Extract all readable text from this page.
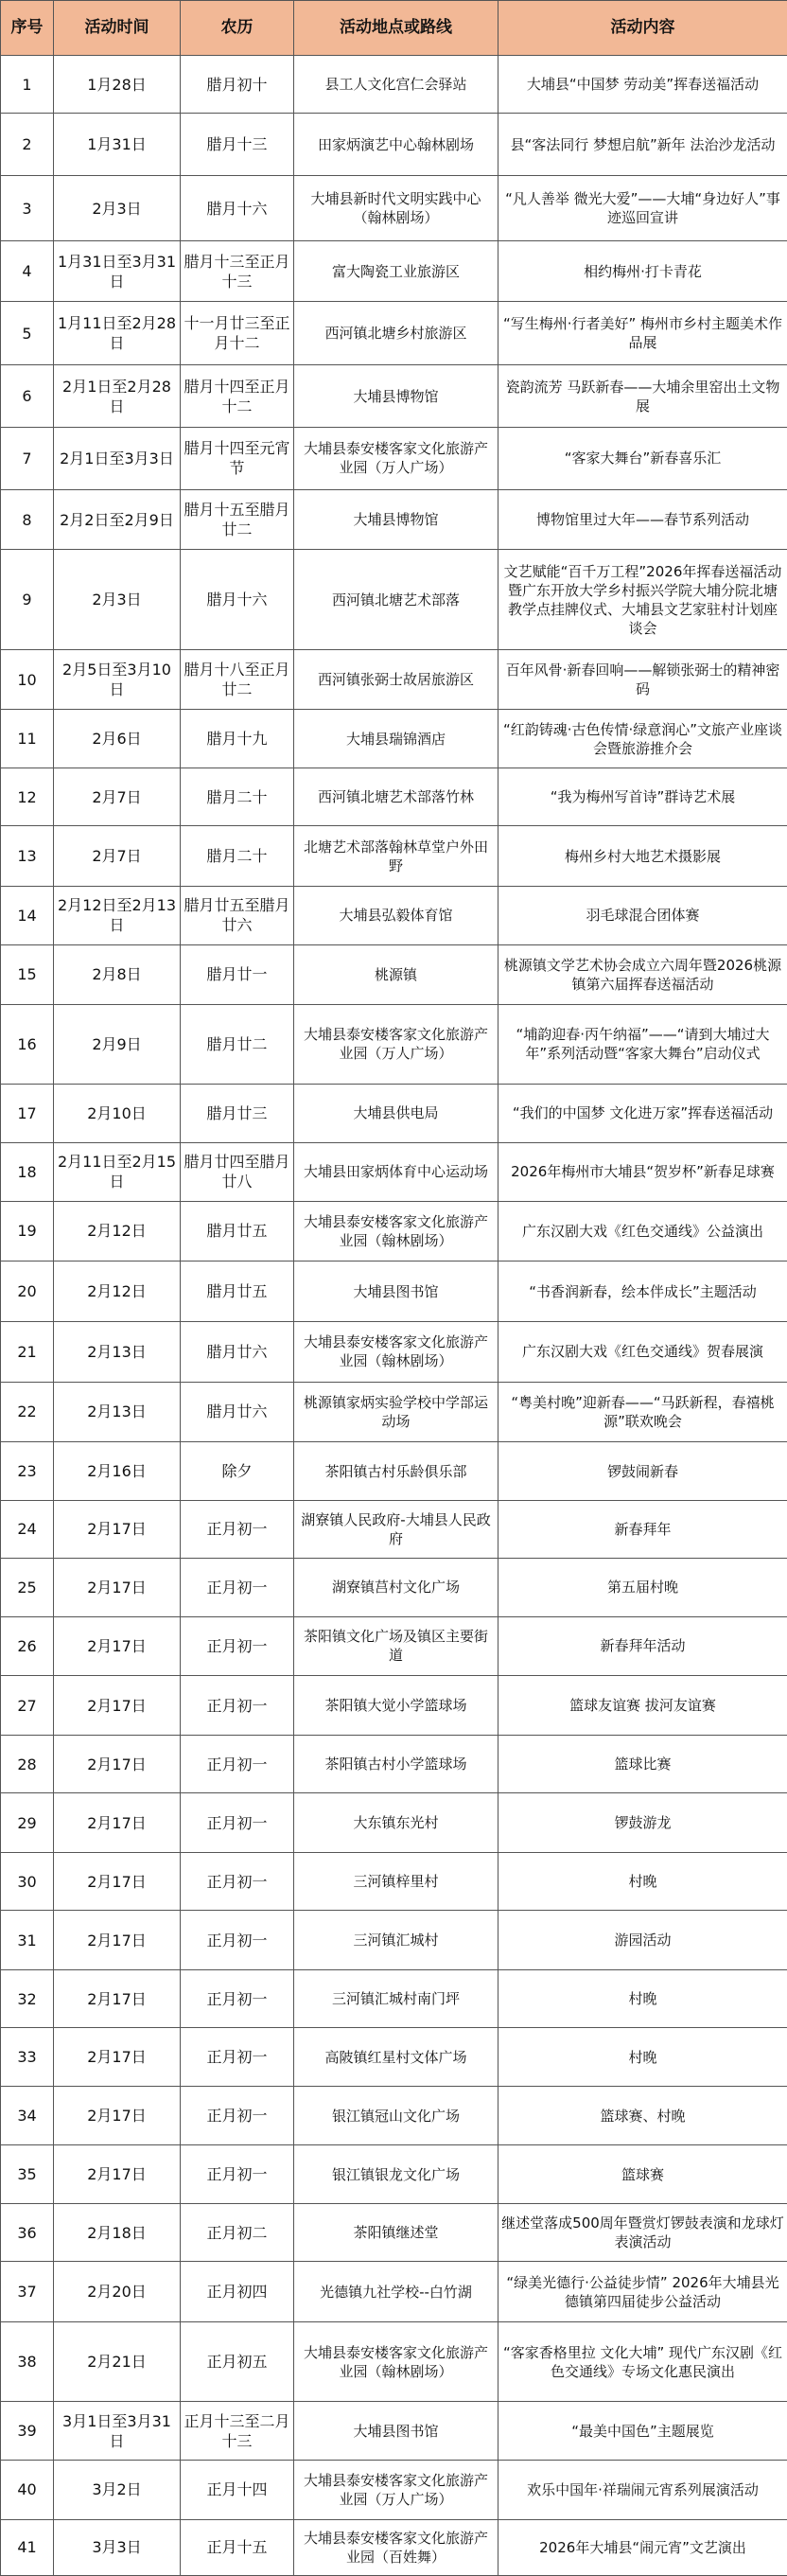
序号	活动时间	农历	活动地点或路线	活动内容
1	1月28日	腊月初十	县工人文化宫仁会驿站	大埔县“中国梦 劳动美”挥春送福活动
2	1月31日	腊月十三	田家炳演艺中心翰林剧场	县“客法同行 梦想启航”新年 法治沙龙活动
3	2月3日	腊月十六	大埔县新时代文明实践中心（翰林剧场）	“凡人善举 微光大爱”——大埔“身边好人”事迹巡回宣讲
4	1月31日至3月31日	腊月十三至正月十三	富大陶瓷工业旅游区	相约梅州·打卡青花
5	1月11日至2月28日	十一月廿三至正月十二	西河镇北塘乡村旅游区	“写生梅州·行者美好” 梅州市乡村主题美术作品展
6	2月1日至2月28日	腊月十四至正月十二	大埔县博物馆	瓷韵流芳 马跃新春——大埔余里窑出土文物展
7	2月1日至3月3日	腊月十四至元宵节	大埔县泰安楼客家文化旅游产业园（万人广场）	“客家大舞台”新春喜乐汇
8	2月2日至2月9日	腊月十五至腊月廿二	大埔县博物馆	博物馆里过大年——春节系列活动
9	2月3日	腊月十六	西河镇北塘艺术部落	文艺赋能“百千万工程”2026年挥春送福活动暨广东开放大学乡村振兴学院大埔分院北塘教学点挂牌仪式、大埔县文艺家驻村计划座谈会
10	2月5日至3月10日	腊月十八至正月廿二	西河镇张弼士故居旅游区	百年风骨·新春回响——解锁张弼士的精神密码
11	2月6日	腊月十九	大埔县瑞锦酒店	“红韵铸魂·古色传情·绿意润心”文旅产业座谈会暨旅游推介会
12	2月7日	腊月二十	西河镇北塘艺术部落竹林	“我为梅州写首诗”群诗艺术展
13	2月7日	腊月二十	北塘艺术部落翰林草堂户外田野	梅州乡村大地艺术摄影展
14	2月12日至2月13日	腊月廿五至腊月廿六	大埔县弘毅体育馆	羽毛球混合团体赛
15	2月8日	腊月廿一	桃源镇	桃源镇文学艺术协会成立六周年暨2026桃源镇第六届挥春送福活动
16	2月9日	腊月廿二	大埔县泰安楼客家文化旅游产业园（万人广场）	“埔韵迎春·丙午纳福”——“请到大埔过大年”系列活动暨“客家大舞台”启动仪式
17	2月10日	腊月廿三	大埔县供电局	“我们的中国梦 文化进万家”挥春送福活动
18	2月11日至2月15日	腊月廿四至腊月廿八	大埔县田家炳体育中心运动场	2026年梅州市大埔县“贺岁杯”新春足球赛
19	2月12日	腊月廿五	大埔县泰安楼客家文化旅游产业园（翰林剧场）	广东汉剧大戏《红色交通线》公益演出
20	2月12日	腊月廿五	大埔县图书馆	“书香润新春，绘本伴成长”主题活动
21	2月13日	腊月廿六	大埔县泰安楼客家文化旅游产业园（翰林剧场）	广东汉剧大戏《红色交通线》贺春展演
22	2月13日	腊月廿六	桃源镇家炳实验学校中学部运动场	“粤美村晚”迎新春——“马跃新程，春禧桃源”联欢晚会
23	2月16日	除夕	茶阳镇古村乐龄俱乐部	锣鼓闹新春
24	2月17日	正月初一	湖寮镇人民政府-大埔县人民政府	新春拜年
25	2月17日	正月初一	湖寮镇莒村文化广场	第五届村晚
26	2月17日	正月初一	茶阳镇文化广场及镇区主要街道	新春拜年活动
27	2月17日	正月初一	茶阳镇大觉小学篮球场	篮球友谊赛 拔河友谊赛
28	2月17日	正月初一	茶阳镇古村小学篮球场	篮球比赛
29	2月17日	正月初一	大东镇东光村	锣鼓游龙
30	2月17日	正月初一	三河镇梓里村	村晚
31	2月17日	正月初一	三河镇汇城村	游园活动
32	2月17日	正月初一	三河镇汇城村南门坪	村晚
33	2月17日	正月初一	高陂镇红星村文体广场	村晚
34	2月17日	正月初一	银江镇冠山文化广场	篮球赛、村晚
35	2月17日	正月初一	银江镇银龙文化广场	篮球赛
36	2月18日	正月初二	茶阳镇继述堂	继述堂落成500周年暨赏灯锣鼓表演和龙球灯表演活动
37	2月20日	正月初四	光德镇九社学校--白竹湖	“绿美光德行·公益徒步情” 2026年大埔县光德镇第四届徒步公益活动
38	2月21日	正月初五	大埔县泰安楼客家文化旅游产业园（翰林剧场）	“客家香格里拉 文化大埔” 现代广东汉剧《红色交通线》专场文化惠民演出
39	3月1日至3月31日	正月十三至二月十三	大埔县图书馆	“最美中国色”主题展览
40	3月2日	正月十四	大埔县泰安楼客家文化旅游产业园（万人广场）	欢乐中国年·祥瑞闹元宵系列展演活动
41	3月3日	正月十五	大埔县泰安楼客家文化旅游产业园（百姓舞）	2026年大埔县“闹元宵”文艺演出
